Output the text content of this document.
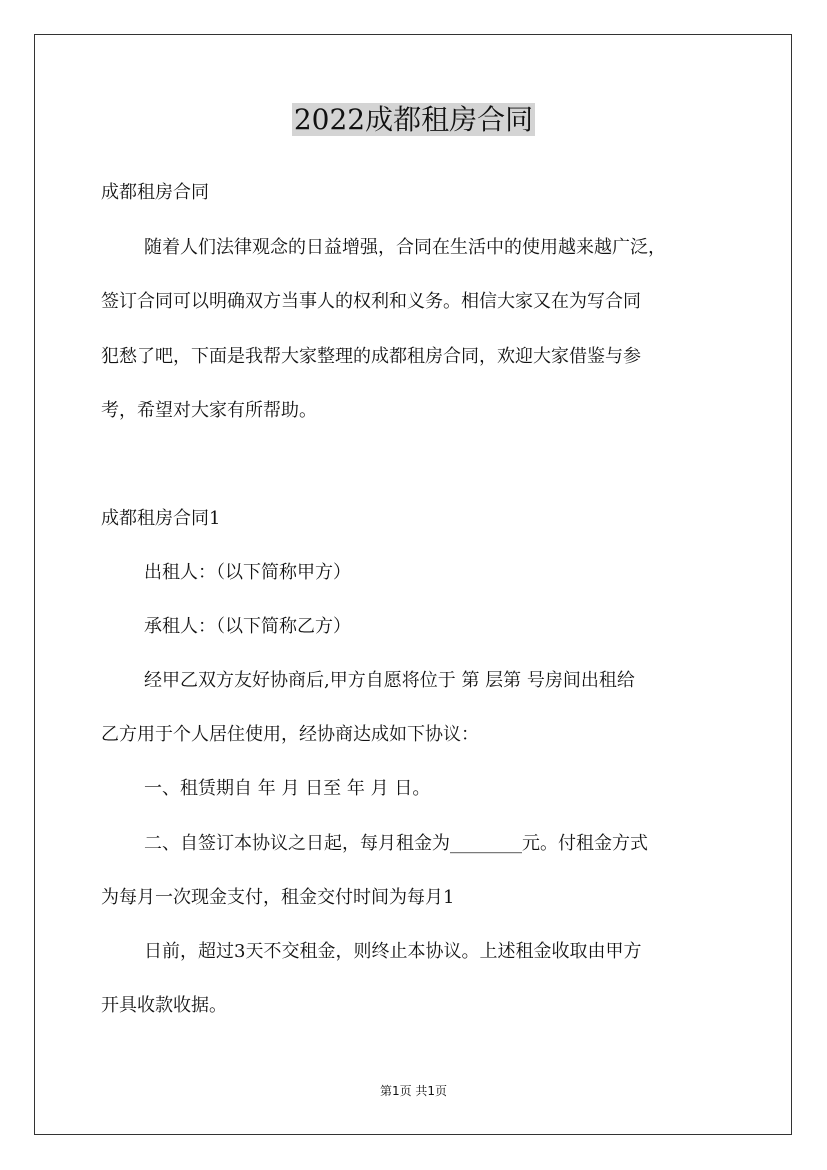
2022成都租房合同
成都租房合同
随着人们法律观念的日益增强，合同在生活中的使用越来越广泛，
签订合同可以明确双方当事人的权利和义务。相信大家又在为写合同
犯愁了吧，下面是我帮大家整理的成都租房合同，欢迎大家借鉴与参
考，希望对大家有所帮助。
成都租房合同1
出租人：（以下简称甲方）
承租人：（以下简称乙方）
经甲乙双方友好协商后,甲方自愿将位于 第 层第 号房间出租给
乙方用于个人居住使用，经协商达成如下协议：
一、租赁期自 年 月 日至 年 月 日。
二、自签订本协议之日起，每月租金为________元。付租金方式
为每月一次现金支付，租金交付时间为每月1
日前，超过3天不交租金，则终止本协议。上述租金收取由甲方
开具收款收据。
第1页 共1页
